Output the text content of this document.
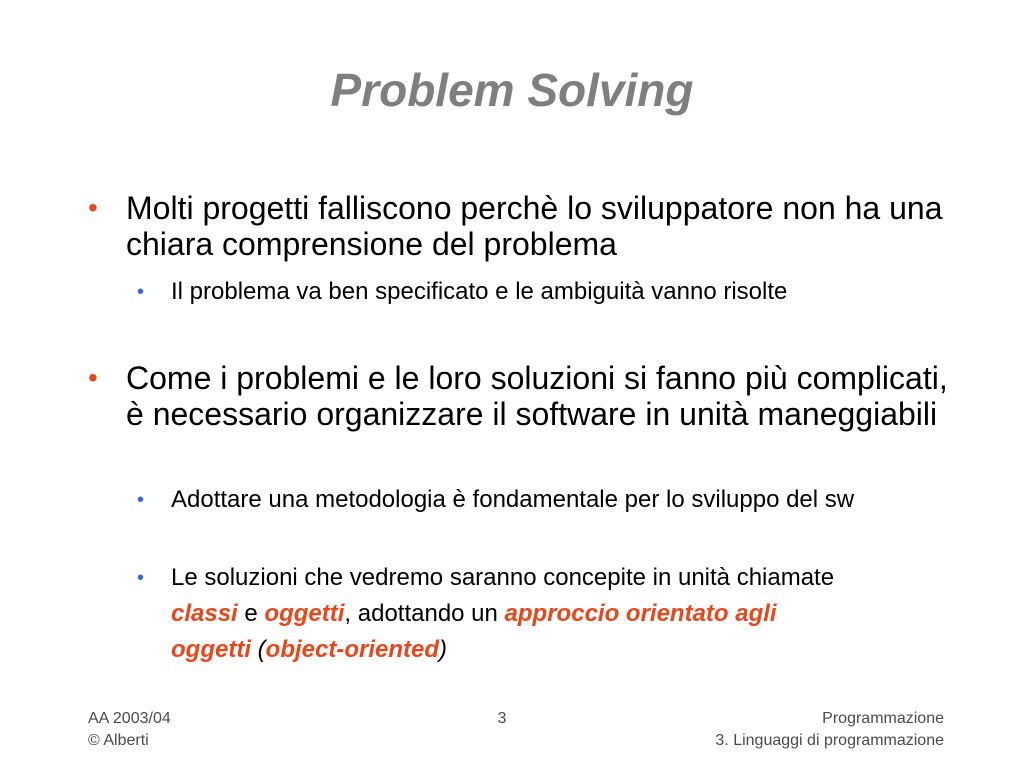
Problem Solving
• Molti progetti falliscono perchè lo sviluppatore non ha una chiara comprensione del problema
• Il problema va ben specificato e le ambiguità vanno risolte
• Come i problemi e le loro soluzioni si fanno più complicati, è necessario organizzare il software in unità maneggiabili
• Adottare una metodologia è fondamentale per lo sviluppo del sw
• Le soluzioni che vedremo saranno concepite in unità chiamate classi e oggetti, adottando un approccio orientato agli oggetti (object-oriented)
AA 2003/04
© Alberti
3	Programmazione
3. Linguaggi di programmazione
